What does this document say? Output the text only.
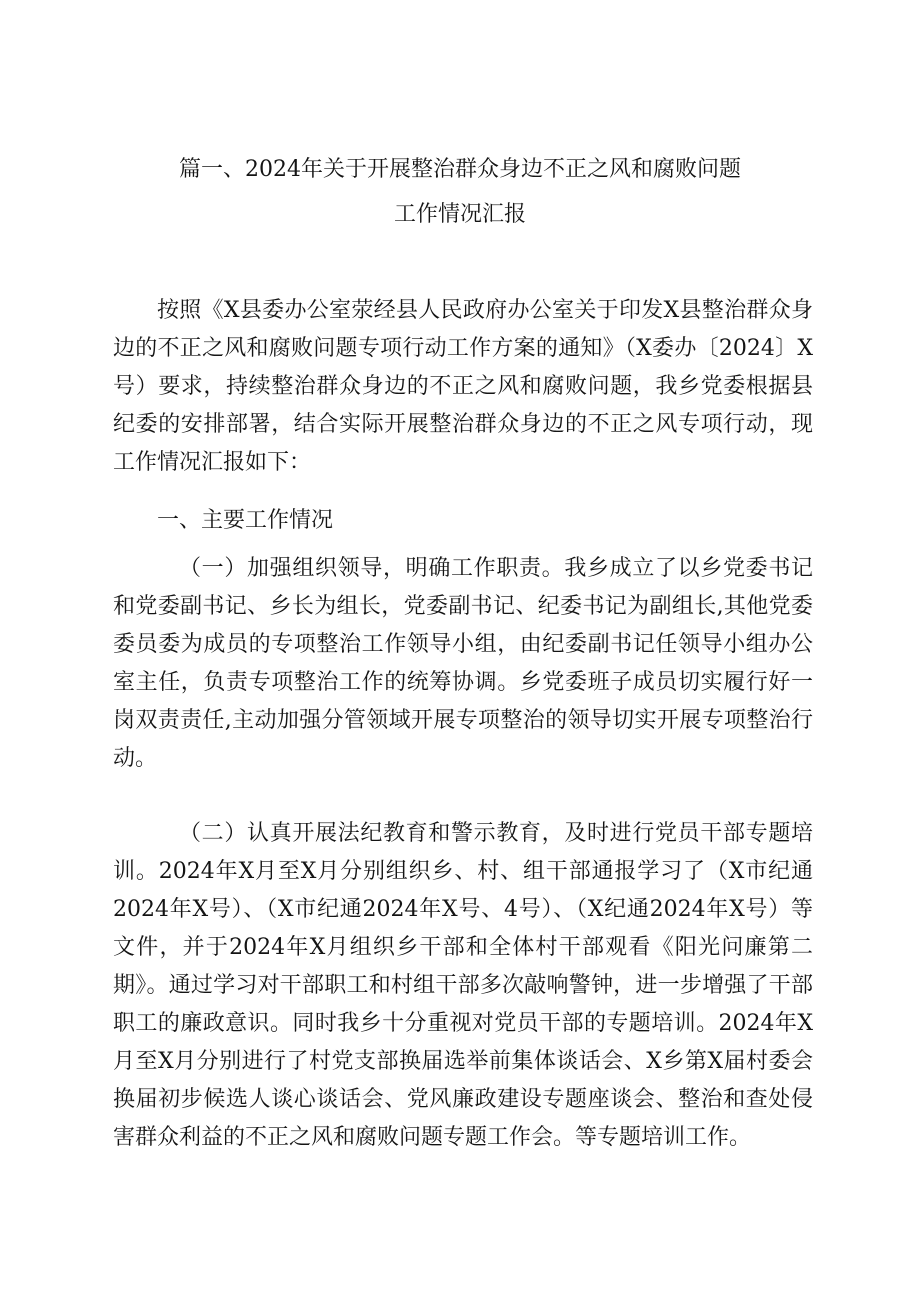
篇一、2024年关于开展整治群众身边不正之风和腐败问题
工作情况汇报
按照《X县委办公室荥经县人民政府办公室关于印发X县整治群众身边的不正之风和腐败问题专项行动工作方案的通知》（X委办〔2024〕X号）要求，持续整治群众身边的不正之风和腐败问题，我乡党委根据县纪委的安排部署，结合实际开展整治群众身边的不正之风专项行动，现工作情况汇报如下：
一、主要工作情况
（一）加强组织领导，明确工作职责。我乡成立了以乡党委书记和党委副书记、乡长为组长，党委副书记、纪委书记为副组长,其他党委委员委为成员的专项整治工作领导小组，由纪委副书记任领导小组办公室主任，负责专项整治工作的统筹协调。乡党委班子成员切实履行好一岗双责责任,主动加强分管领域开展专项整治的领导切实开展专项整治行动。
（二）认真开展法纪教育和警示教育，及时进行党员干部专题培训。2024年X月至X月分别组织乡、村、组干部通报学习了（X市纪通2024年X号）、（X市纪通2024年X号、4号）、（X纪通2024年X号）等文件，并于2024年X月组织乡干部和全体村干部观看《阳光问廉第二期》。通过学习对干部职工和村组干部多次敲响警钟，进一步增强了干部职工的廉政意识。同时我乡十分重视对党员干部的专题培训。2024年X月至X月分别进行了村党支部换届选举前集体谈话会、X乡第X届村委会换届初步候选人谈心谈话会、党风廉政建设专题座谈会、整治和查处侵害群众利益的不正之风和腐败问题专题工作会。等专题培训工作。
